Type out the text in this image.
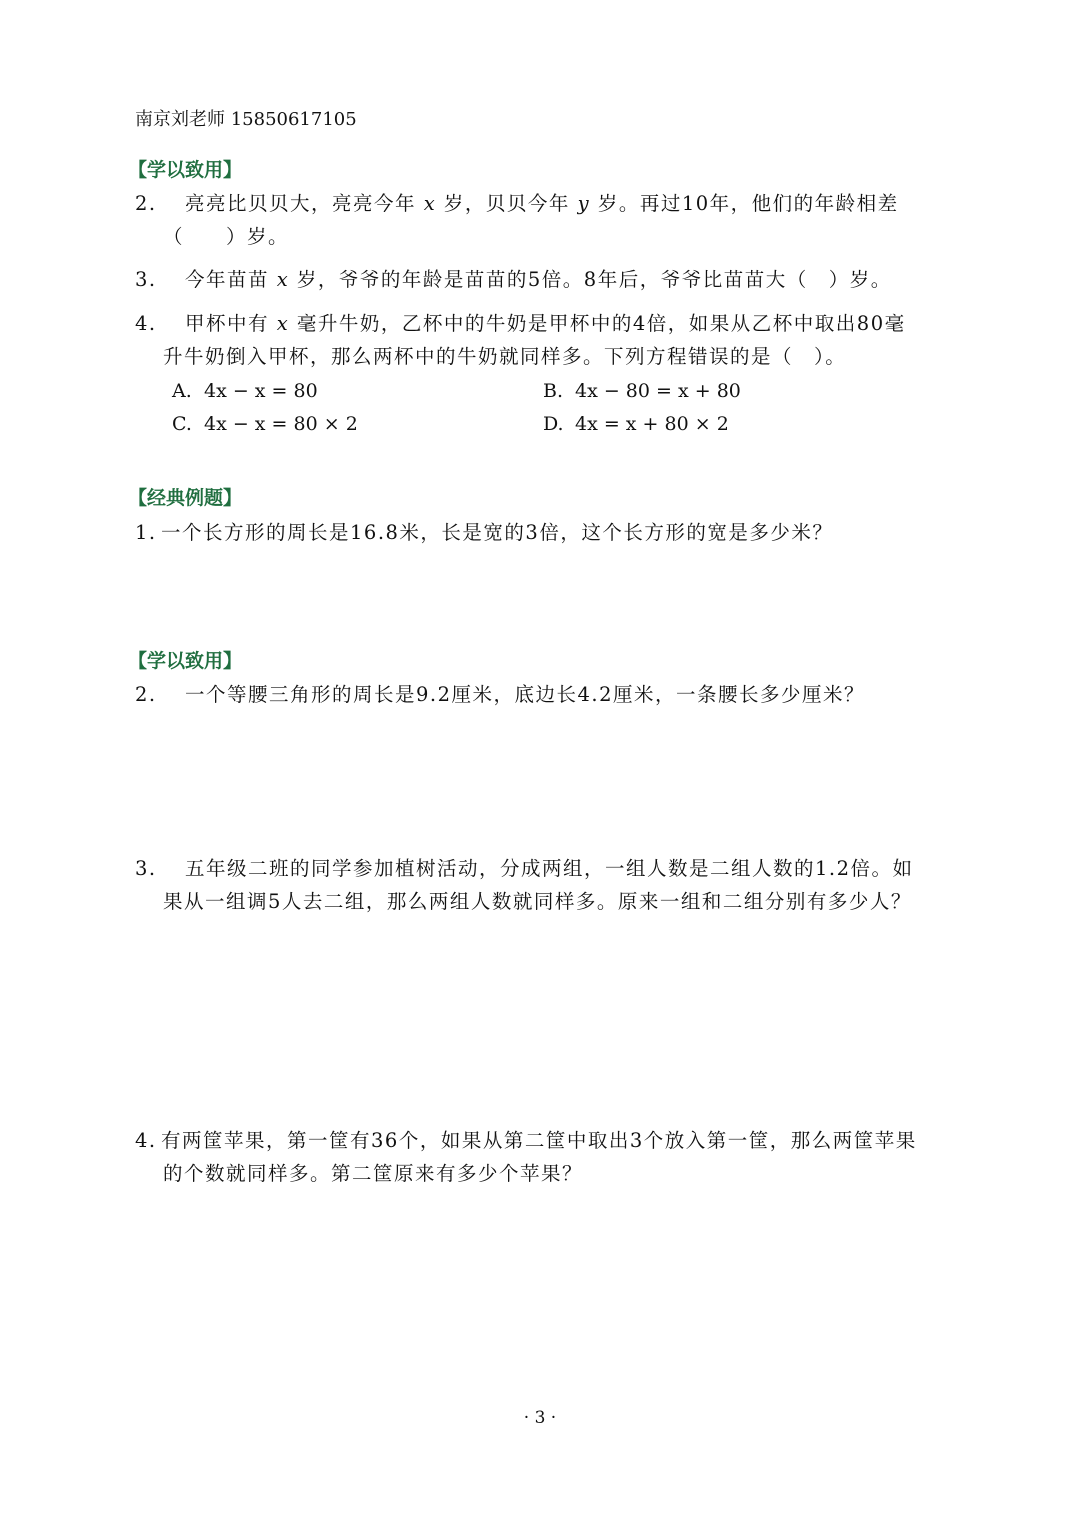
南京刘老师 15850617105
【学以致用】
2. 亮亮比贝贝大，亮亮今年 x 岁，贝贝今年 y 岁。再过10年，他们的年龄相差
（　　）岁。
3. 今年苗苗 x 岁，爷爷的年龄是苗苗的5倍。8年后，爷爷比苗苗大（　）岁。
4. 甲杯中有 x 毫升牛奶，乙杯中的牛奶是甲杯中的4倍，如果从乙杯中取出80毫
升牛奶倒入甲杯，那么两杯中的牛奶就同样多。下列方程错误的是（　）。
A. 4x − x = 80	B. 4x − 80 = x + 80
C. 4x − x = 80 × 2	D. 4x = x + 80 × 2
【经典例题】
1. 一个长方形的周长是16.8米，长是宽的3倍，这个长方形的宽是多少米？
【学以致用】
2. 一个等腰三角形的周长是9.2厘米，底边长4.2厘米，一条腰长多少厘米？
3. 五年级二班的同学参加植树活动，分成两组，一组人数是二组人数的1.2倍。如
果从一组调5人去二组，那么两组人数就同样多。原来一组和二组分别有多少人？
4. 有两筐苹果，第一筐有36个，如果从第二筐中取出3个放入第一筐，那么两筐苹果
的个数就同样多。第二筐原来有多少个苹果？
· 3 ·
